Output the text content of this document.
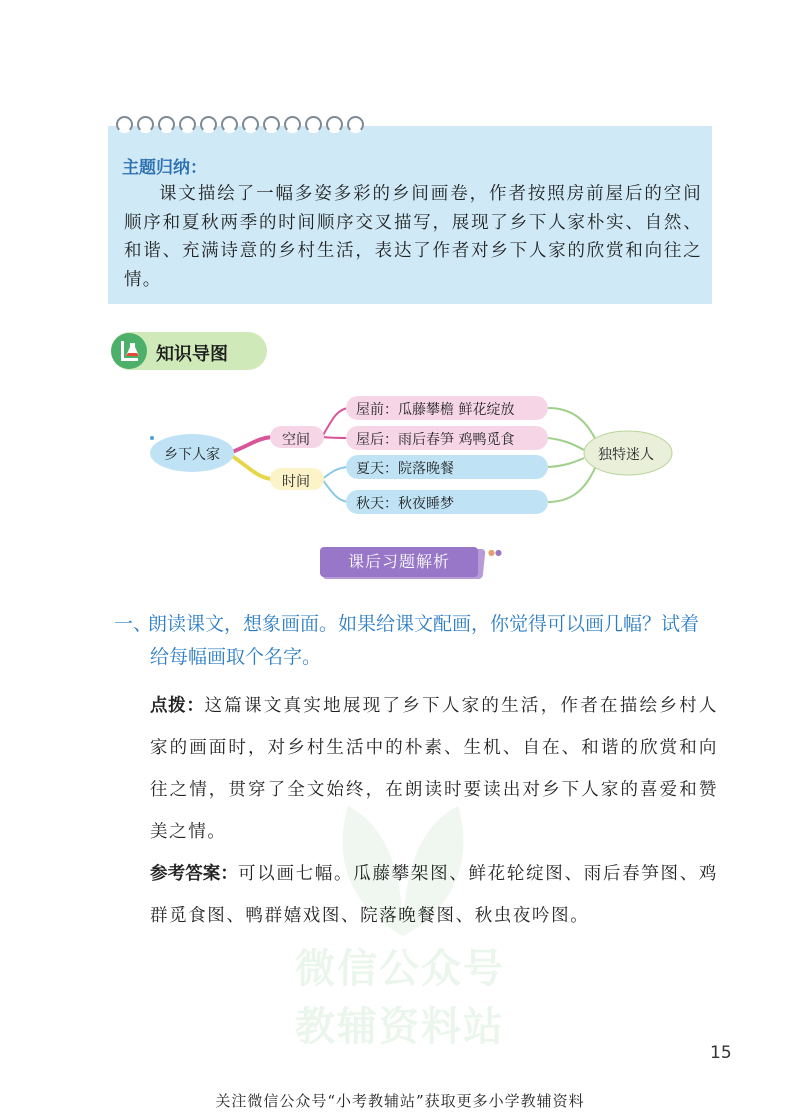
主题归纳：
课文描绘了一幅多姿多彩的乡间画卷，作者按照房前屋后的空间顺序和夏秋两季的时间顺序交叉描写，展现了乡下人家朴实、自然、和谐、充满诗意的乡村生活，表达了作者对乡下人家的欣赏和向往之情。
知识导图
乡下人家
空间
时间
屋前：瓜藤攀檐 鲜花绽放
屋后：雨后春笋 鸡鸭觅食
夏天：院落晚餐
秋天：秋夜睡梦
独特迷人
课后习题解析	●●
微信公众号
教辅资料站
一、
朗读课文，想象画面。如果给课文配画，你觉得可以画几幅？试着给每幅画取个名字。
点拨：这篇课文真实地展现了乡下人家的生活，作者在描绘乡村人家的画面时，对乡村生活中的朴素、生机、自在、和谐的欣赏和向往之情，贯穿了全文始终，在朗读时要读出对乡下人家的喜爱和赞美之情。
参考答案：可以画七幅。瓜藤攀架图、鲜花轮绽图、雨后春笋图、鸡群觅食图、鸭群嬉戏图、院落晚餐图、秋虫夜吟图。
15
关注微信公众号“小考教辅站”获取更多小学教辅资料
